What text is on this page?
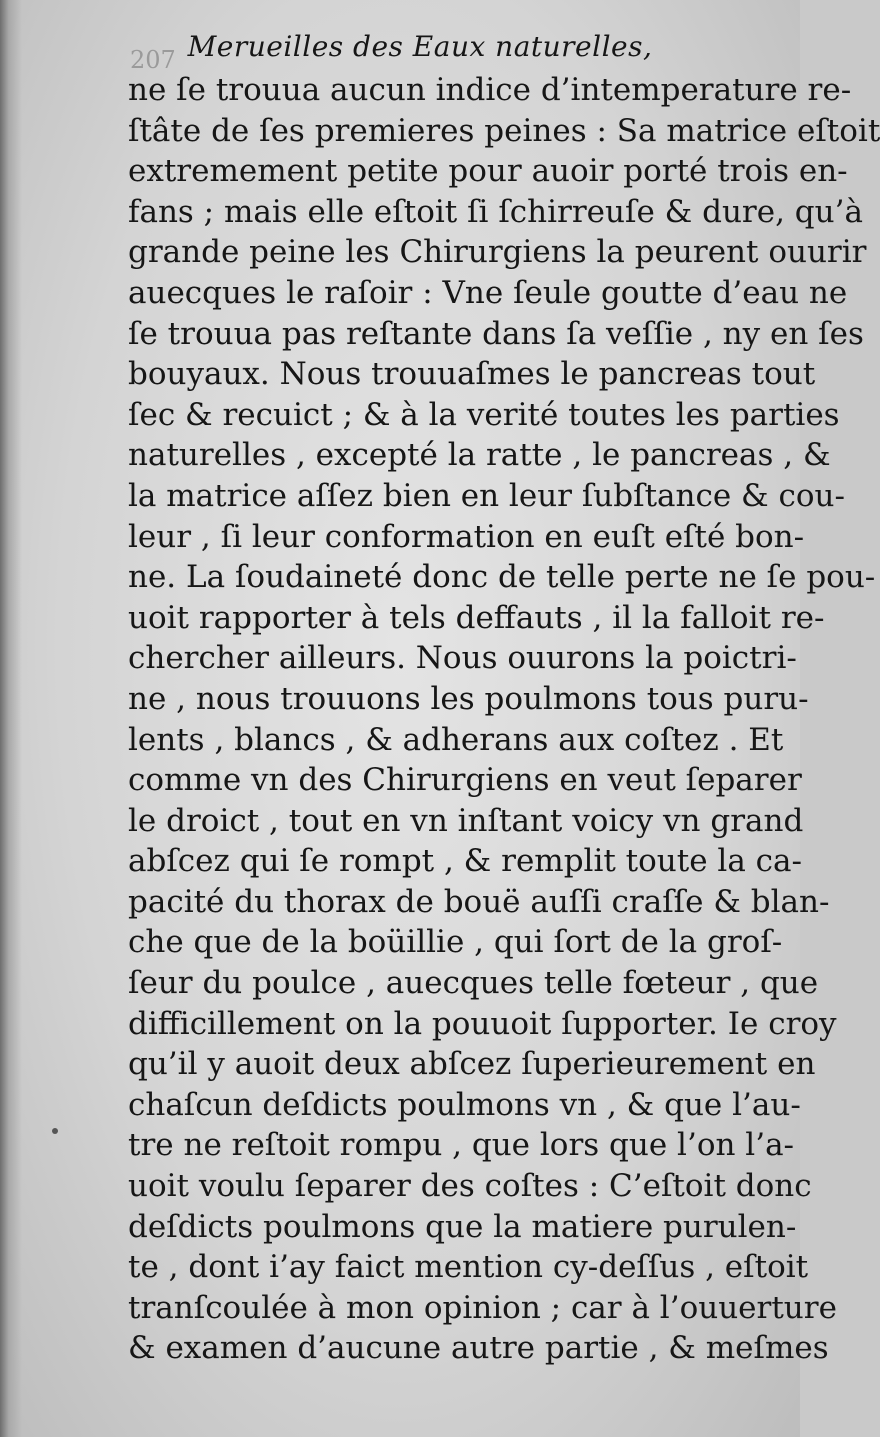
207 Merueilles des Eaux naturelles,
ne ſe trouua aucun indice d’intemperature re-
ſtâte de ſes premieres peines : Sa matrice eſtoit
extremement petite pour auoir porté trois en-
fans ; mais elle eſtoit ſi ſchirreuſe & dure, qu’à
grande peine les Chirurgiens la peurent ouurir
auecques le raſoir : Vne ſeule goutte d’eau ne
ſe trouua pas reſtante dans ſa veſſie , ny en ſes
bouyaux. Nous trouuaſmes le pancreas tout
ſec & recuict ; & à la verité toutes les parties
naturelles , excepté la ratte , le pancreas , &
la matrice aſſez bien en leur ſubſtance & cou-
leur , ſi leur conformation en euſt eſté bon-
ne. La ſoudaineté donc de telle perte ne ſe pou-
uoit rapporter à tels deffauts , il la falloit re-
chercher ailleurs. Nous ouurons la poictri-
ne , nous trouuons les poulmons tous puru-
lents , blancs , & adherans aux coſtez . Et
comme vn des Chirurgiens en veut ſeparer
le droict , tout en vn inſtant voicy vn grand
abſcez qui ſe rompt , & remplit toute la ca-
pacité du thorax de bouë auſſi craſſe & blan-
che que de la boüillie , qui ſort de la groſ-
ſeur du poulce , auecques telle fœteur , que
difficillement on la pouuoit ſupporter. Ie croy
qu’il y auoit deux abſcez ſuperieurement en
chaſcun deſdicts poulmons vn , & que l’au-
tre ne reſtoit rompu , que lors que l’on l’a-
uoit voulu ſeparer des coſtes : C’eſtoit donc
deſdicts poulmons que la matiere purulen-
te , dont i’ay faict mention cy-deſſus , eſtoit
tranſcoulée à mon opinion ; car à l’ouuerture
& examen d’aucune autre partie , & meſmes
